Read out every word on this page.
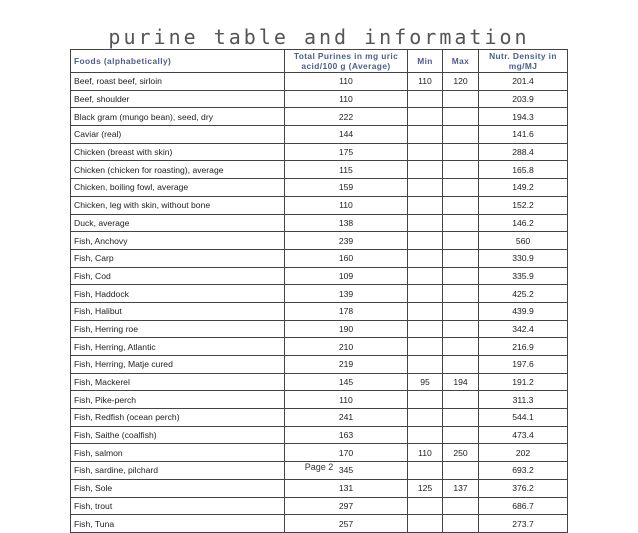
purine table and information
Foods (alphabetically)	Total Purines in mg uric acid/100 g (Average)	Min	Max	Nutr. Density in mg/MJ
Beef, roast beef, sirloin	110	110	120	201.4
Beef, shoulder	110			203.9
Black gram (mungo bean), seed, dry	222			194.3
Caviar (real)	144			141.6
Chicken (breast with skin)	175			288.4
Chicken (chicken for roasting), average	115			165.8
Chicken, boiling fowl, average	159			149.2
Chicken, leg with skin, without bone	110			152.2
Duck, average	138			146.2
Fish, Anchovy	239			560
Fish, Carp	160			330.9
Fish, Cod	109			335.9
Fish, Haddock	139			425.2
Fish, Halibut	178			439.9
Fish, Herring roe	190			342.4
Fish, Herring, Atlantic	210			216.9
Fish, Herring, Matje cured	219			197.6
Fish, Mackerel	145	95	194	191.2
Fish, Pike-perch	110			311.3
Fish, Redfish (ocean perch)	241			544.1
Fish, Saithe (coalfish)	163			473.4
Fish, salmon	170	110	250	202
Fish, sardine, pilchard	345			693.2
Fish, Sole	131	125	137	376.2
Fish, trout	297			686.7
Fish, Tuna	257			273.7
Page 2
